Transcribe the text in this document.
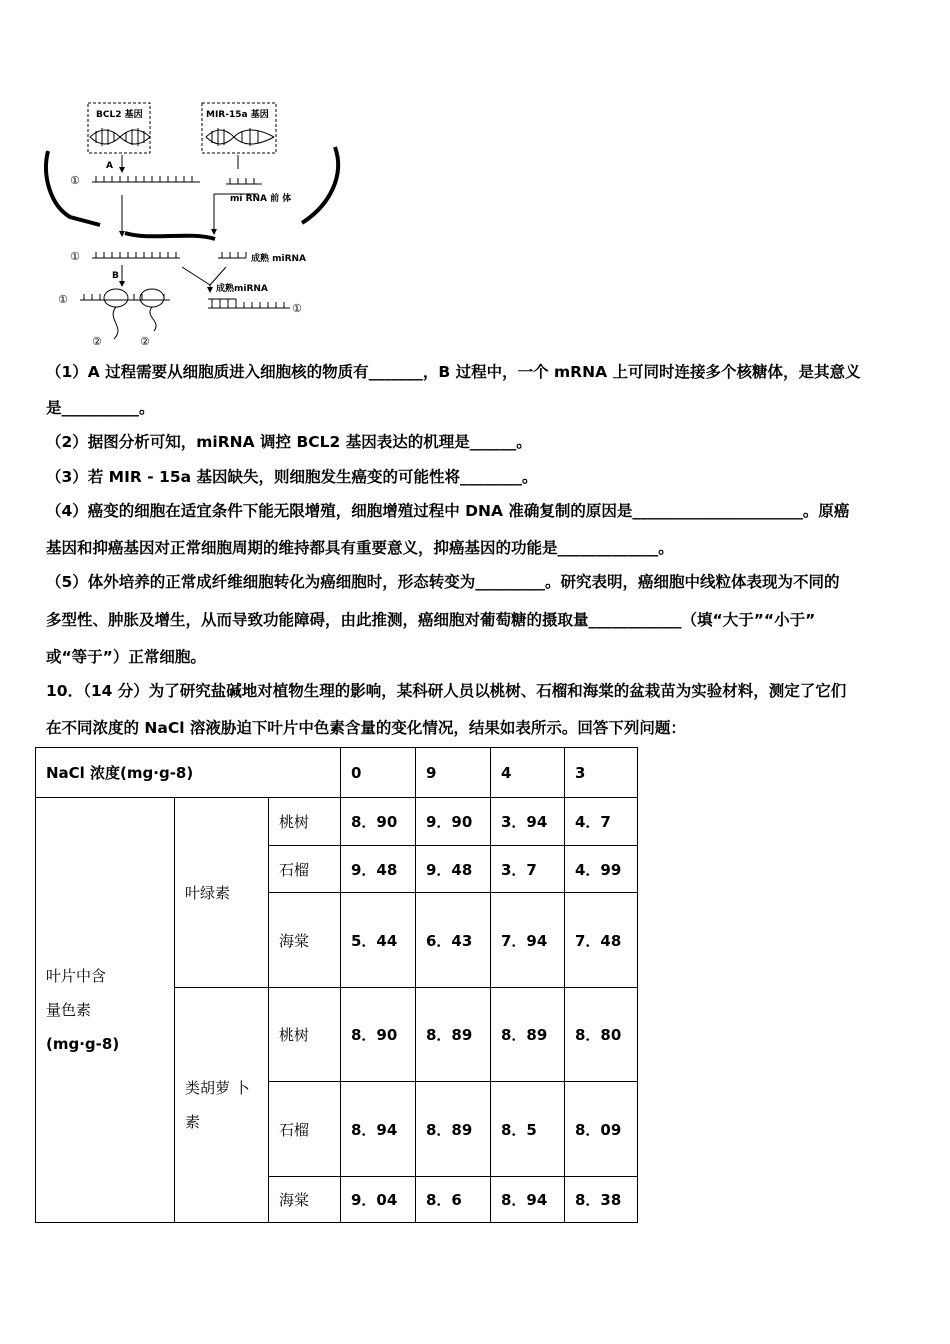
BCL2 基因	MIR-15a 基因
A
①
mi RNA 前 体
①	成熟 miRNA
B
①
②	②
成熟miRNA
①
（1）A 过程需要从细胞质进入细胞核的物质有_______，B 过程中，一个 mRNA 上可同时连接多个核糖体，是其意义
是__________。
（2）据图分析可知，miRNA 调控 BCL2 基因表达的机理是______。
（3）若 MIR - 15a 基因缺失，则细胞发生癌变的可能性将________。
（4）癌变的细胞在适宜条件下能无限增殖，细胞增殖过程中 DNA 准确复制的原因是______________________。原癌
基因和抑癌基因对正常细胞周期的维持都具有重要意义，抑癌基因的功能是_____________。
（5）体外培养的正常成纤维细胞转化为癌细胞时，形态转变为_________。研究表明，癌细胞中线粒体表现为不同的
多型性、肿胀及增生，从而导致功能障碍，由此推测，癌细胞对葡萄糖的摄取量____________（填“大于”“小于”
或“等于”）正常细胞。
10．（14 分）为了研究盐碱地对植物生理的影响，某科研人员以桃树、石榴和海棠的盆栽苗为实验材料，测定了它们
在不同浓度的 NaCl 溶液胁迫下叶片中色素含量的变化情况，结果如表所示。回答下列问题：
NaCl 浓度(mg·g-8)			0	9	4	3

叶片中含
量色素
(mg·g-8)	叶绿素	桃树	8．90	9．90	3．94	4．7
		石榴	9．48	9．48	3．7	4．99
		海棠	5．44	6．43	7．94	7．48

	类胡萝 卜
素	桃树	8．90	8．89	8．89	8．80
		石榴	8．94	8．89	8．5	8．09
		海棠	9．04	8．6	8．94	8．38
